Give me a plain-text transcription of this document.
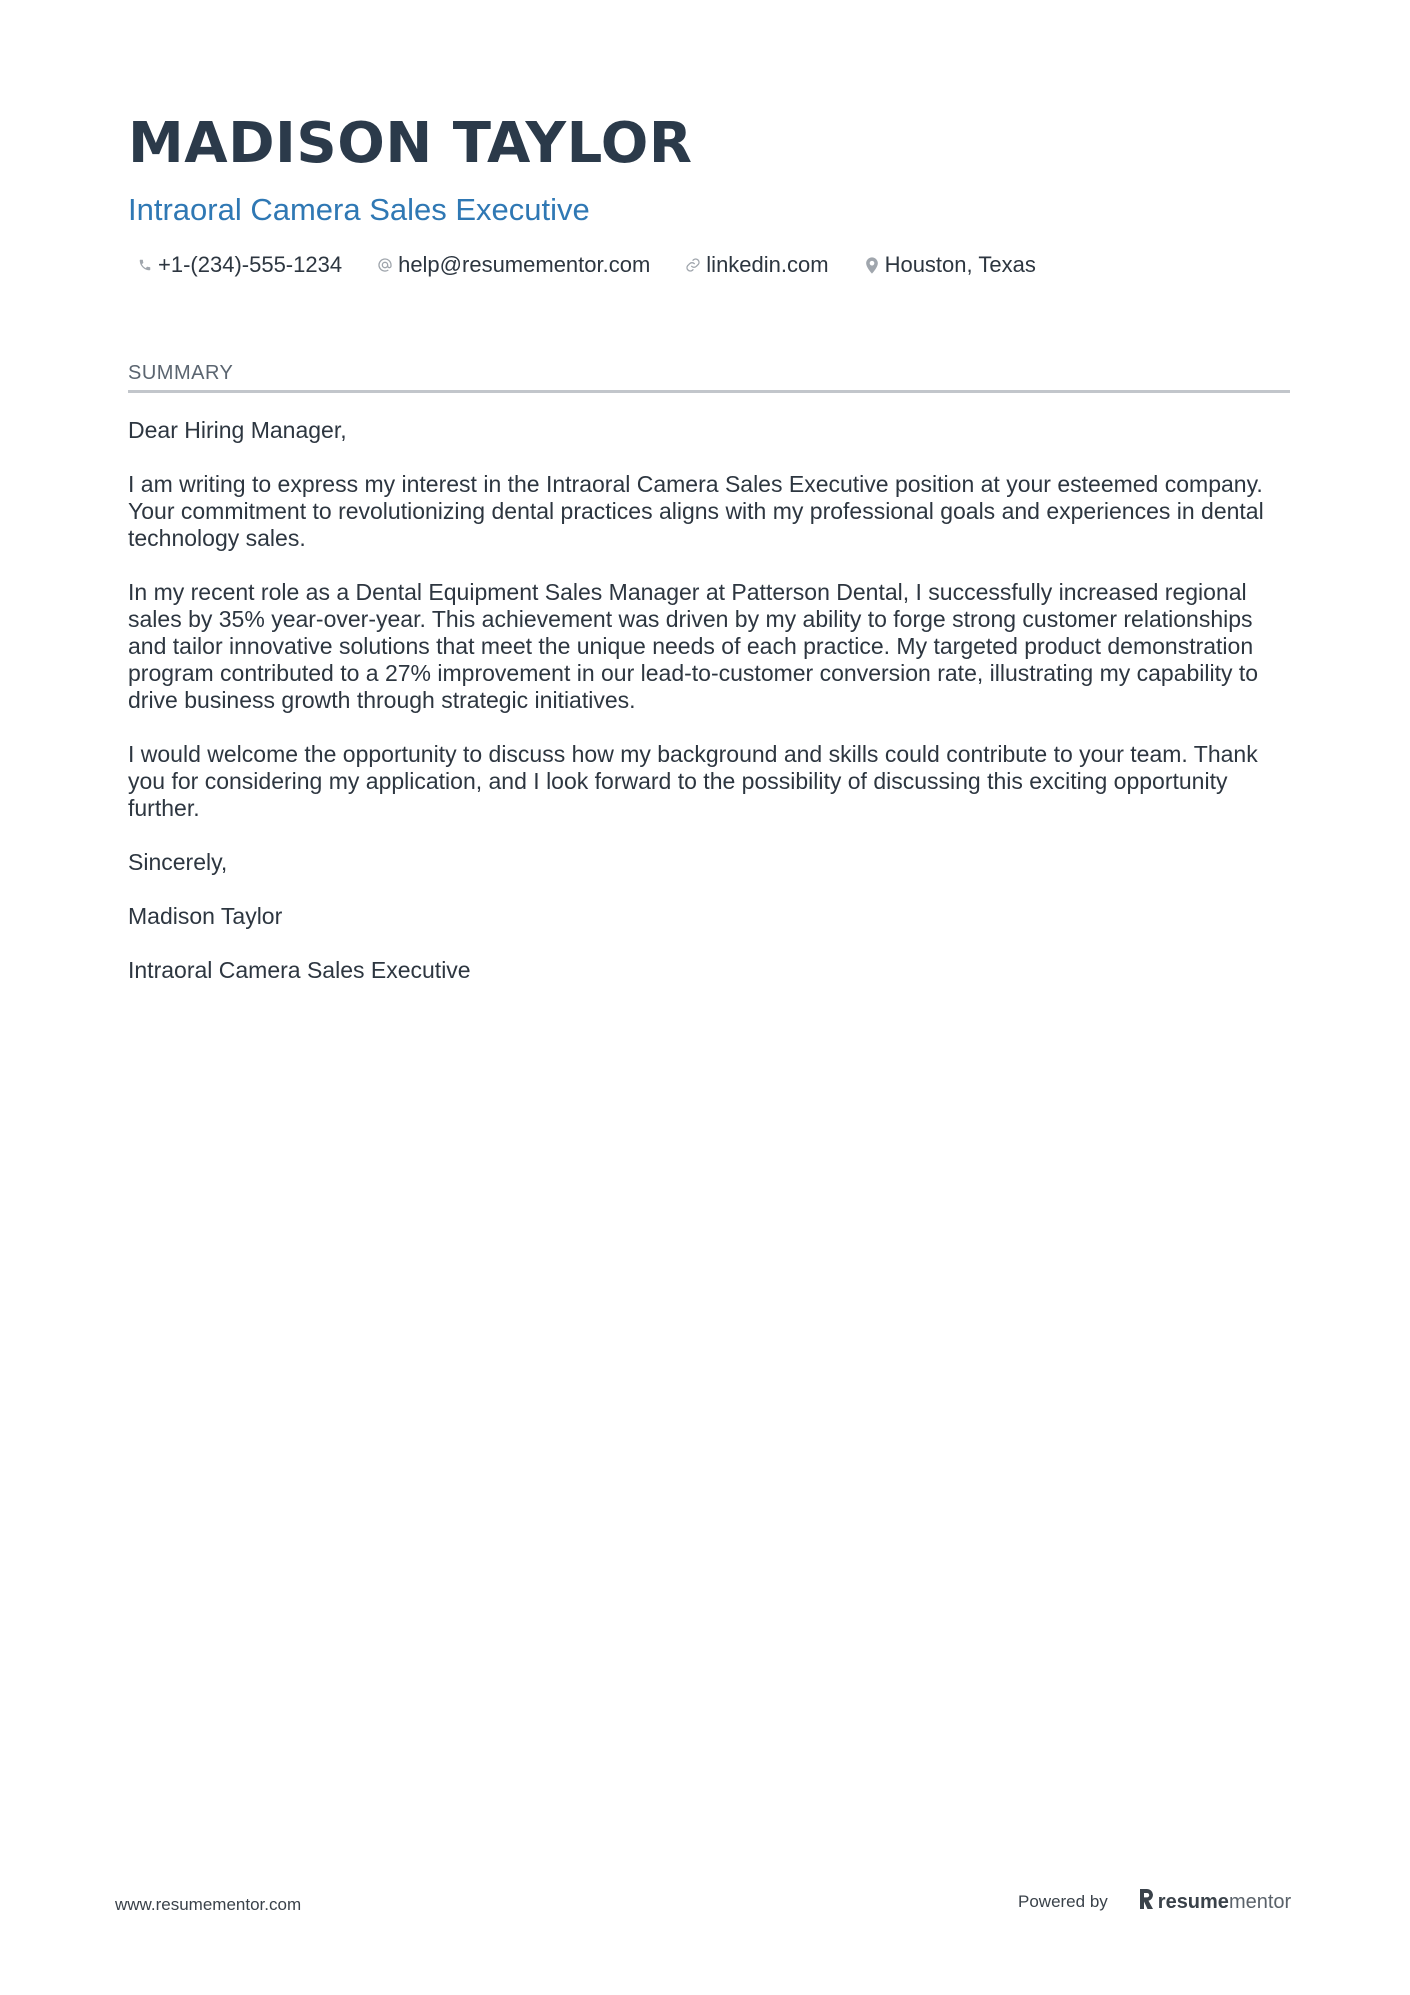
MADISON TAYLOR
Intraoral Camera Sales Executive
+1-(234)-555-1234	help@resumementor.com	linkedin.com	Houston, Texas
SUMMARY

Dear Hiring Manager,

I am writing to express my interest in the Intraoral Camera Sales Executive position at your esteemed company. Your commitment to revolutionizing dental practices aligns with my professional goals and experiences in dental technology sales.

In my recent role as a Dental Equipment Sales Manager at Patterson Dental, I successfully increased regional sales by 35% year-over-year. This achievement was driven by my ability to forge strong customer relationships and tailor innovative solutions that meet the unique needs of each practice. My targeted product demonstration program contributed to a 27% improvement in our lead-to-customer conversion rate, illustrating my capability to drive business growth through strategic initiatives.

I would welcome the opportunity to discuss how my background and skills could contribute to your team. Thank you for considering my application, and I look forward to the possibility of discussing this exciting opportunity further.

Sincerely,

Madison Taylor

Intraoral Camera Sales Executive

www.resumementor.com	Powered by	resume mentor
